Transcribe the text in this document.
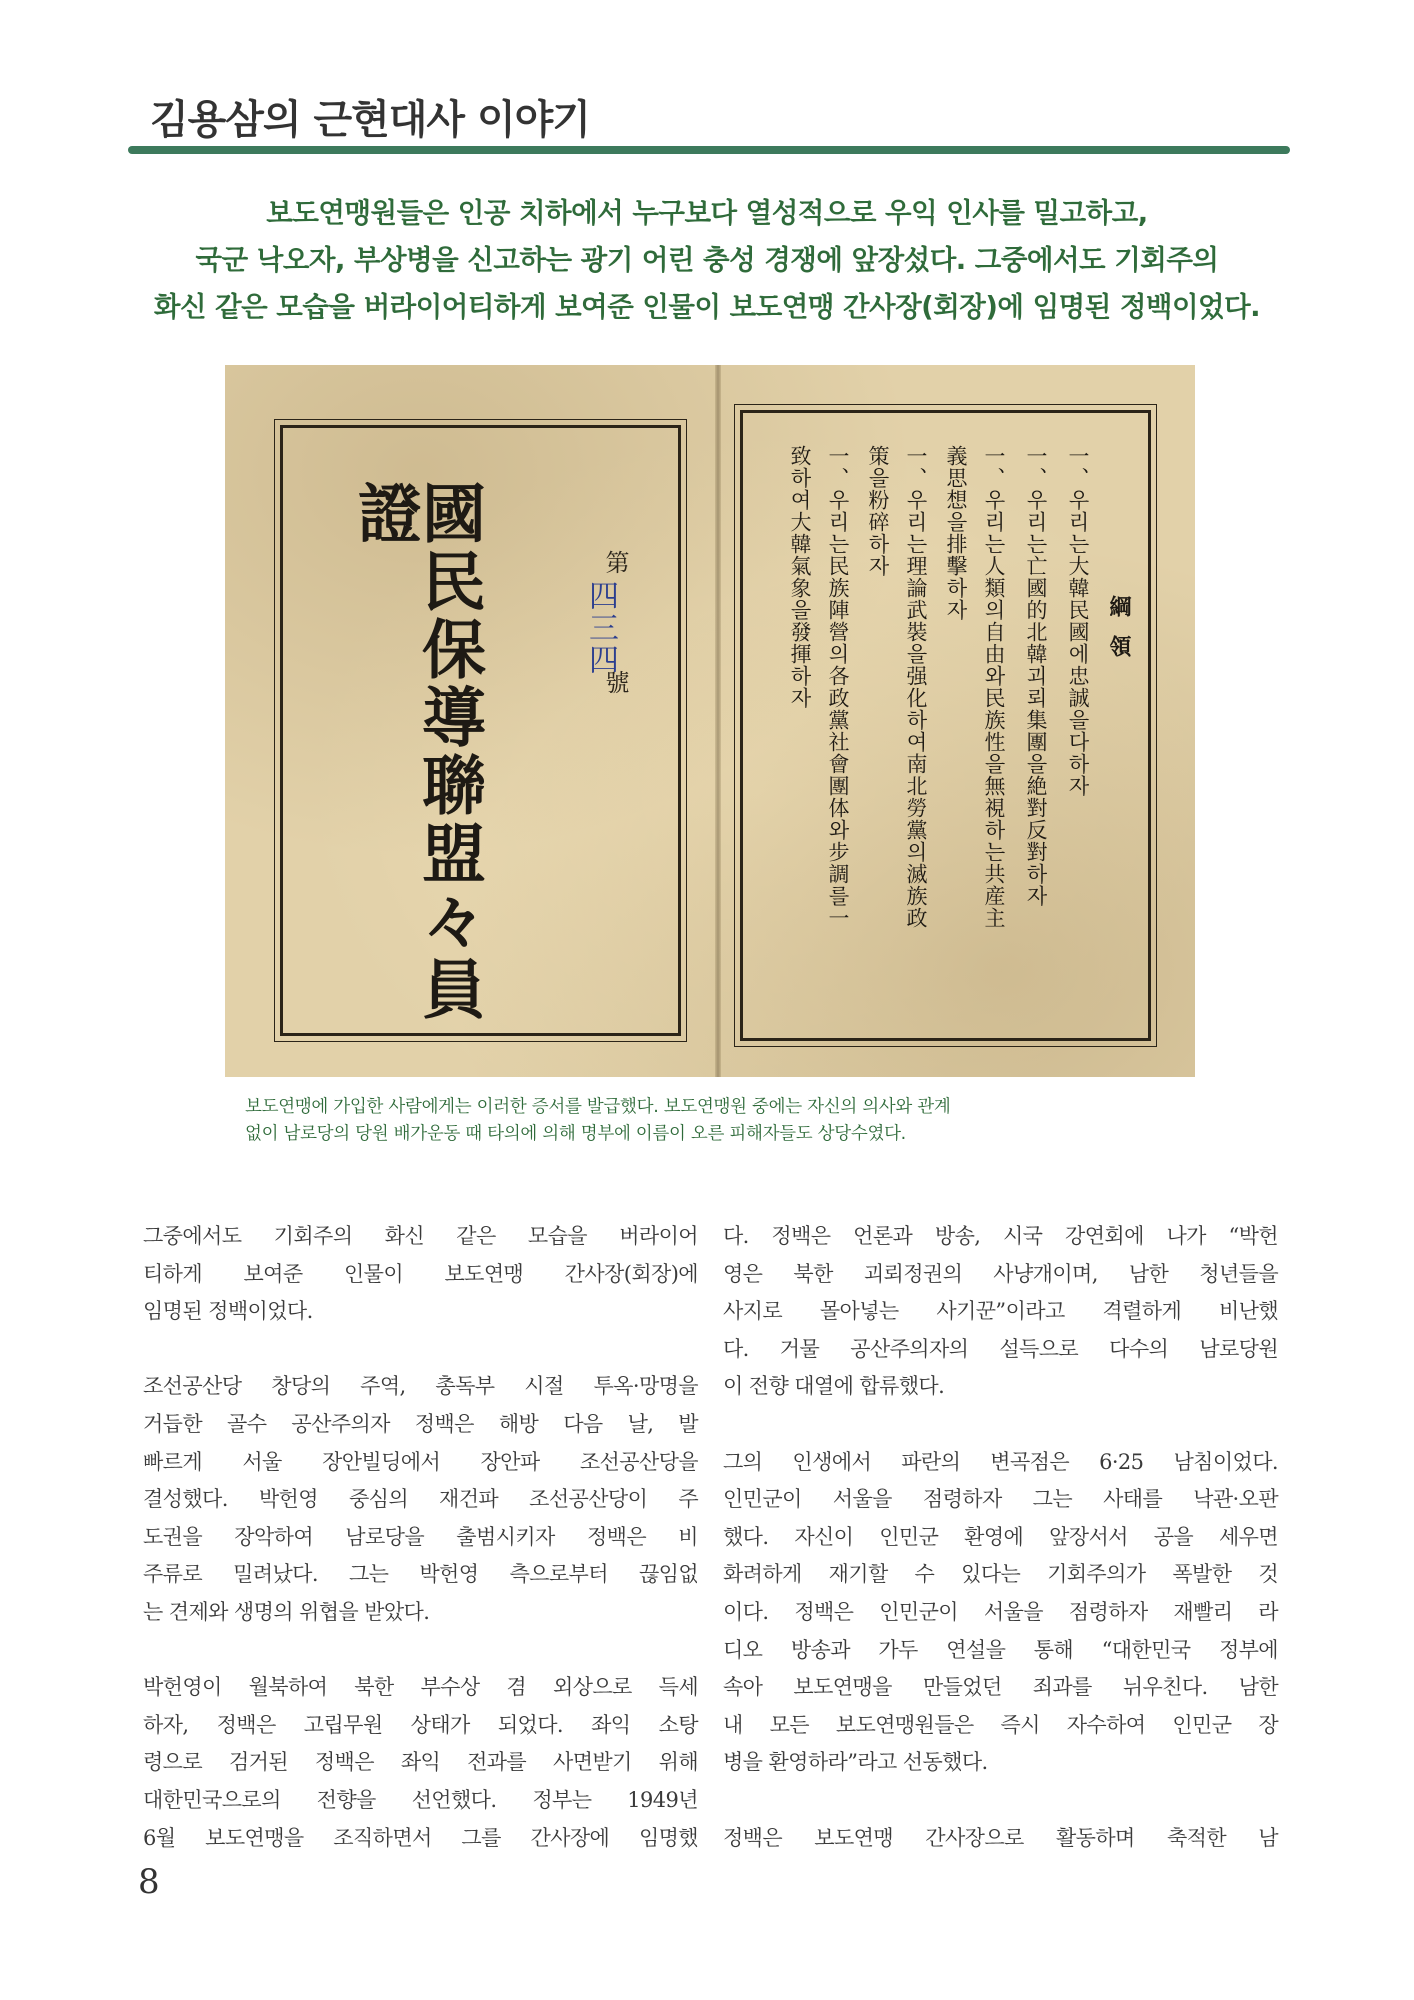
김용삼의 근현대사 이야기
보도연맹원들은 인공 치하에서 누구보다 열성적으로 우익 인사를 밀고하고,
국군 낙오자, 부상병을 신고하는 광기 어린 충성 경쟁에 앞장섰다. 그중에서도 기회주의
화신 같은 모습을 버라이어티하게 보여준 인물이 보도연맹 간사장(회장)에 임명된 정백이었다.
國民保導聯盟々員證
第
四三四
號
綱領
一、우리는大韓民國에忠誠을다하자
一、우리는亡國的北韓괴뢰集團을絶對反對하자
一、우리는人類의自由와民族性을無視하는共産主
義思想을排擊하자
一、우리는理論武裝을强化하여南北勞黨의滅族政
策을粉碎하자
一、우리는民族陣營의各政黨社會團体와步調를一
致하여大韓氣象을發揮하자
보도연맹에 가입한 사람에게는 이러한 증서를 발급했다. 보도연맹원 중에는 자신의 의사와 관계
없이 남로당의 당원 배가운동 때 타의에 의해 명부에 이름이 오른 피해자들도 상당수였다.
그중에서도 기회주의 화신 같은 모습을 버라이어
티하게 보여준 인물이 보도연맹 간사장(회장)에
임명된 정백이었다.
조선공산당 창당의 주역, 총독부 시절 투옥·망명을
거듭한 골수 공산주의자 정백은 해방 다음 날, 발
빠르게 서울 장안빌딩에서 장안파 조선공산당을
결성했다. 박헌영 중심의 재건파 조선공산당이 주
도권을 장악하여 남로당을 출범시키자 정백은 비
주류로 밀려났다. 그는 박헌영 측으로부터 끊임없
는 견제와 생명의 위협을 받았다.
박헌영이 월북하여 북한 부수상 겸 외상으로 득세
하자, 정백은 고립무원 상태가 되었다. 좌익 소탕
령으로 검거된 정백은 좌익 전과를 사면받기 위해
대한민국으로의 전향을 선언했다. 정부는 1949년
6월 보도연맹을 조직하면서 그를 간사장에 임명했
다. 정백은 언론과 방송, 시국 강연회에 나가 “박헌
영은 북한 괴뢰정권의 사냥개이며, 남한 청년들을
사지로 몰아넣는 사기꾼”이라고 격렬하게 비난했
다. 거물 공산주의자의 설득으로 다수의 남로당원
이 전향 대열에 합류했다.
그의 인생에서 파란의 변곡점은 6·25 남침이었다.
인민군이 서울을 점령하자 그는 사태를 낙관·오판
했다. 자신이 인민군 환영에 앞장서서 공을 세우면
화려하게 재기할 수 있다는 기회주의가 폭발한 것
이다. 정백은 인민군이 서울을 점령하자 재빨리 라
디오 방송과 가두 연설을 통해 “대한민국 정부에
속아 보도연맹을 만들었던 죄과를 뉘우친다. 남한
내 모든 보도연맹원들은 즉시 자수하여 인민군 장
병을 환영하라”라고 선동했다.
정백은 보도연맹 간사장으로 활동하며 축적한 남
8
